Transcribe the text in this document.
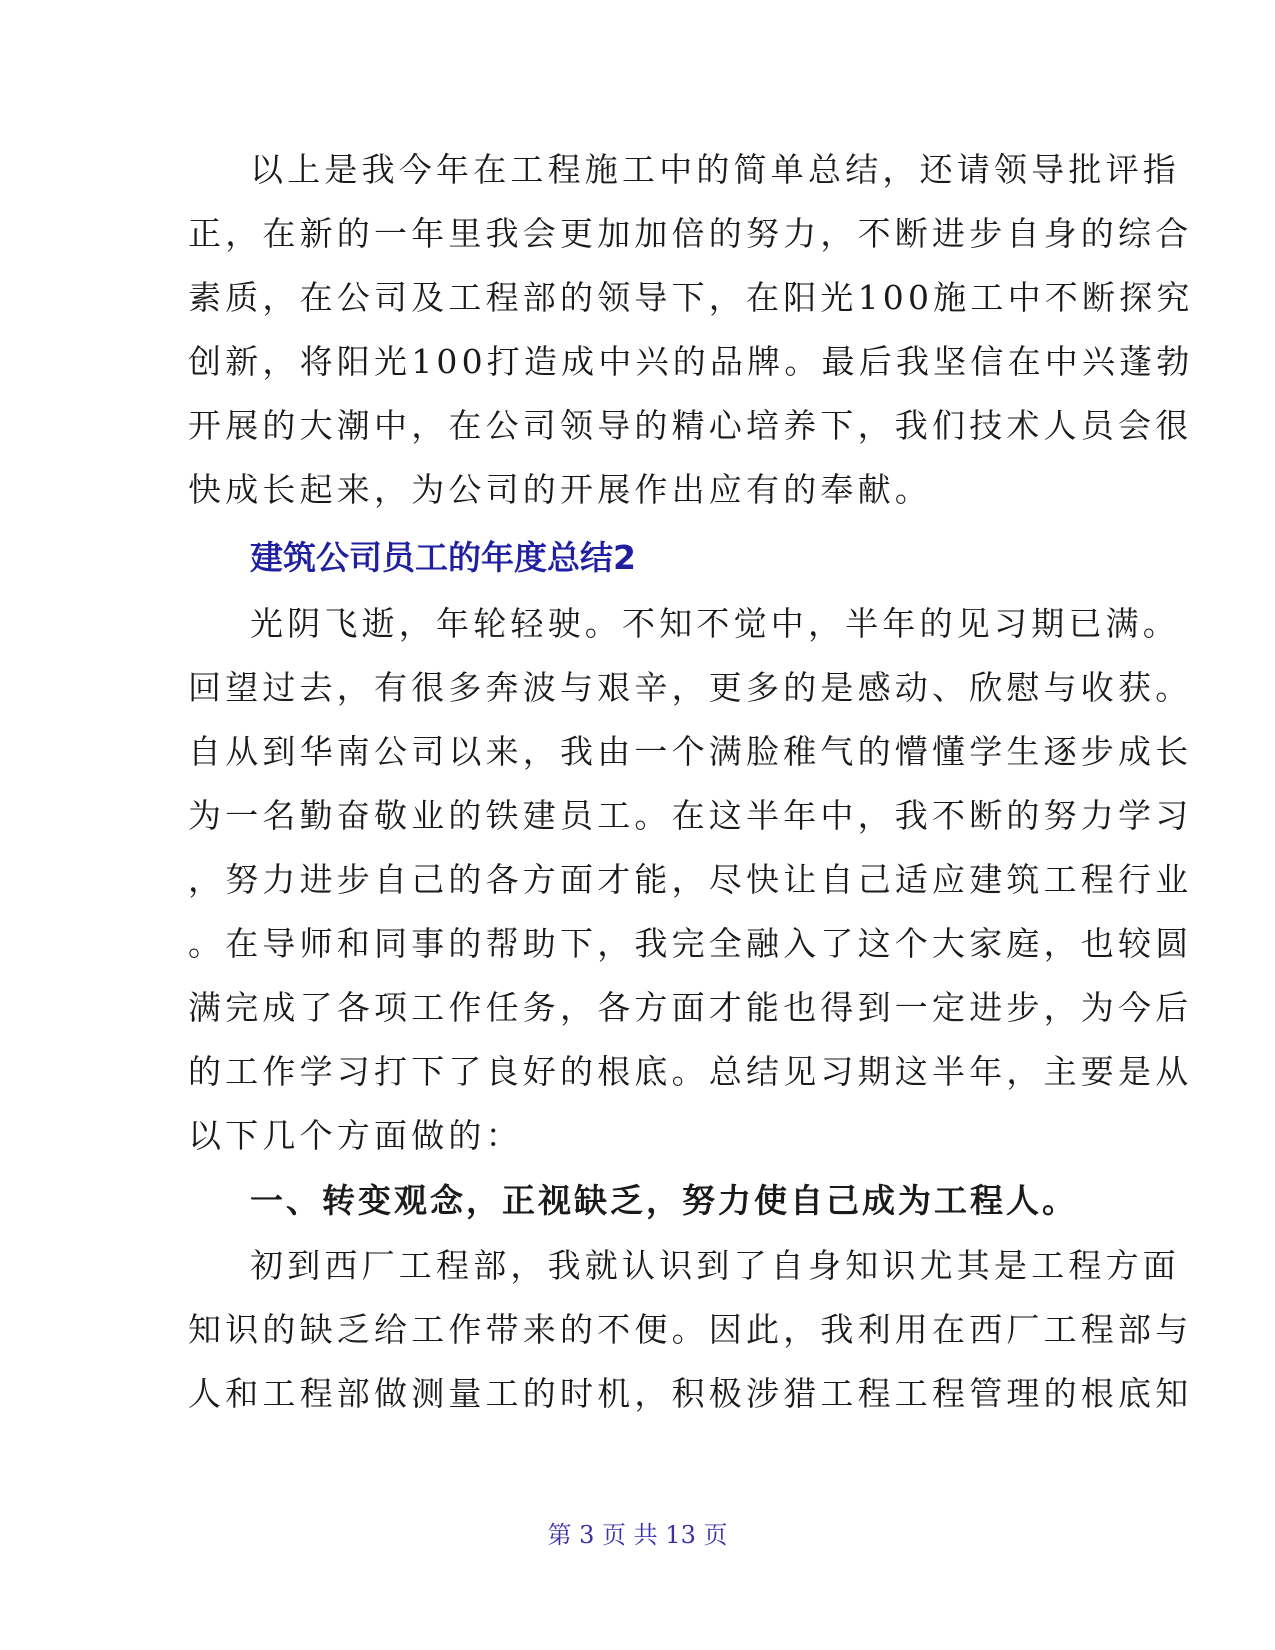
以上是我今年在工程施工中的简单总结，还请领导批评指
正，在新的一年里我会更加加倍的努力，不断进步自身的综合
素质，在公司及工程部的领导下，在阳光100施工中不断探究
创新，将阳光100打造成中兴的品牌。最后我坚信在中兴蓬勃
开展的大潮中，在公司领导的精心培养下，我们技术人员会很
快成长起来，为公司的开展作出应有的奉献。
建筑公司员工的年度总结2
光阴飞逝，年轮轻驶。不知不觉中，半年的见习期已满。
回望过去，有很多奔波与艰辛，更多的是感动、欣慰与收获。
自从到华南公司以来，我由一个满脸稚气的懵懂学生逐步成长
为一名勤奋敬业的铁建员工。在这半年中，我不断的努力学习
，努力进步自己的各方面才能，尽快让自己适应建筑工程行业
。在导师和同事的帮助下，我完全融入了这个大家庭，也较圆
满完成了各项工作任务，各方面才能也得到一定进步，为今后
的工作学习打下了良好的根底。总结见习期这半年，主要是从
以下几个方面做的：
一、转变观念，正视缺乏，努力使自己成为工程人。
初到西厂工程部，我就认识到了自身知识尤其是工程方面
知识的缺乏给工作带来的不便。因此，我利用在西厂工程部与
人和工程部做测量工的时机，积极涉猎工程工程管理的根底知
第 3 页 共 13 页
